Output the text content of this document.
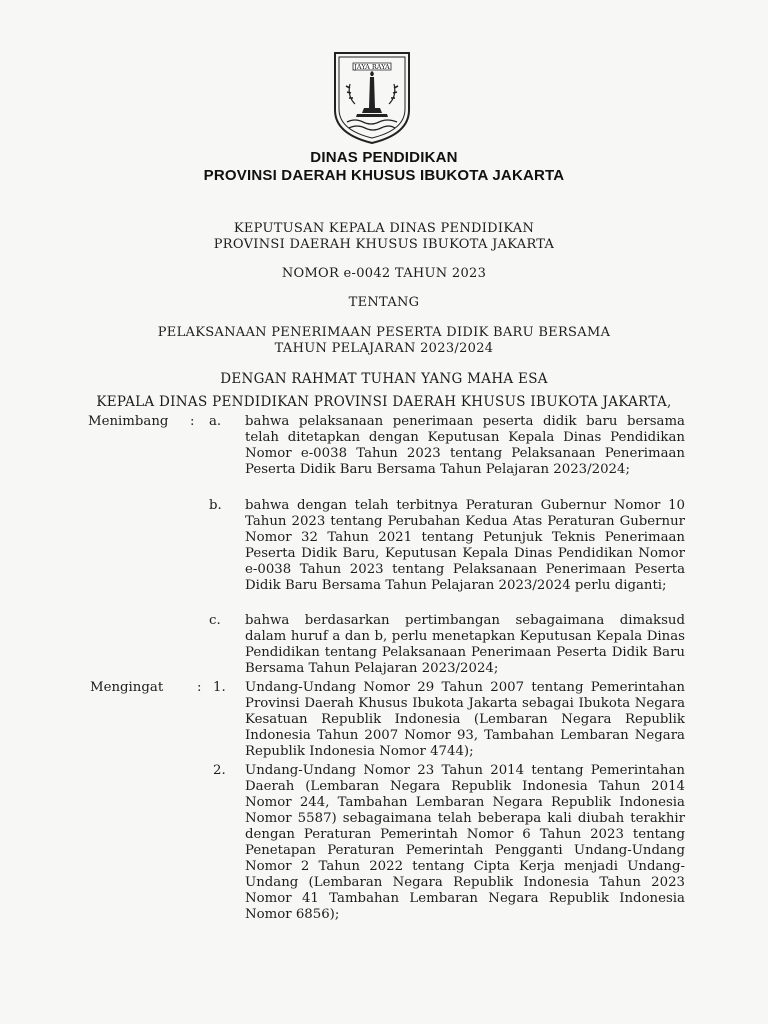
JAYA RAYA
DINAS PENDIDIKAN
PROVINSI DAERAH KHUSUS IBUKOTA JAKARTA
KEPUTUSAN KEPALA DINAS PENDIDIKAN
PROVINSI DAERAH KHUSUS IBUKOTA JAKARTA
NOMOR e-0042 TAHUN 2023
TENTANG
PELAKSANAAN PENERIMAAN PESERTA DIDIK BARU BERSAMA
TAHUN PELAJARAN 2023/2024
DENGAN RAHMAT TUHAN YANG MAHA ESA
KEPALA DINAS PENDIDIKAN PROVINSI DAERAH KHUSUS IBUKOTA JAKARTA,
Menimbang : a. bahwa pelaksanaan penerimaan peserta didik baru bersama telah ditetapkan dengan Keputusan Kepala Dinas Pendidikan Nomor e-0038 Tahun 2023 tentang Pelaksanaan Penerimaan Peserta Didik Baru Bersama Tahun Pelajaran 2023/2024;
b. bahwa dengan telah terbitnya Peraturan Gubernur Nomor 10 Tahun 2023 tentang Perubahan Kedua Atas Peraturan Gubernur Nomor 32 Tahun 2021 tentang Petunjuk Teknis Penerimaan Peserta Didik Baru, Keputusan Kepala Dinas Pendidikan Nomor e-0038 Tahun 2023 tentang Pelaksanaan Penerimaan Peserta Didik Baru Bersama Tahun Pelajaran 2023/2024 perlu diganti;
c. bahwa berdasarkan pertimbangan sebagaimana dimaksud dalam huruf a dan b, perlu menetapkan Keputusan Kepala Dinas Pendidikan tentang Pelaksanaan Penerimaan Peserta Didik Baru Bersama Tahun Pelajaran 2023/2024;
Mengingat	: 1. Undang-Undang Nomor 29 Tahun 2007 tentang Pemerintahan Provinsi Daerah Khusus Ibukota Jakarta sebagai Ibukota Negara Kesatuan Republik Indonesia (Lembaran Negara Republik Indonesia Tahun 2007 Nomor 93, Tambahan Lembaran Negara Republik Indonesia Nomor 4744);
2. Undang-Undang Nomor 23 Tahun 2014 tentang Pemerintahan Daerah (Lembaran Negara Republik Indonesia Tahun 2014 Nomor 244, Tambahan Lembaran Negara Republik Indonesia Nomor 5587) sebagaimana telah beberapa kali diubah terakhir dengan Peraturan Pemerintah Nomor 6 Tahun 2023 tentang Penetapan Peraturan Pemerintah Pengganti Undang-Undang Nomor 2 Tahun 2022 tentang Cipta Kerja menjadi Undang-Undang (Lembaran Negara Republik Indonesia Tahun 2023 Nomor 41 Tambahan Lembaran Negara Republik Indonesia Nomor 6856);
